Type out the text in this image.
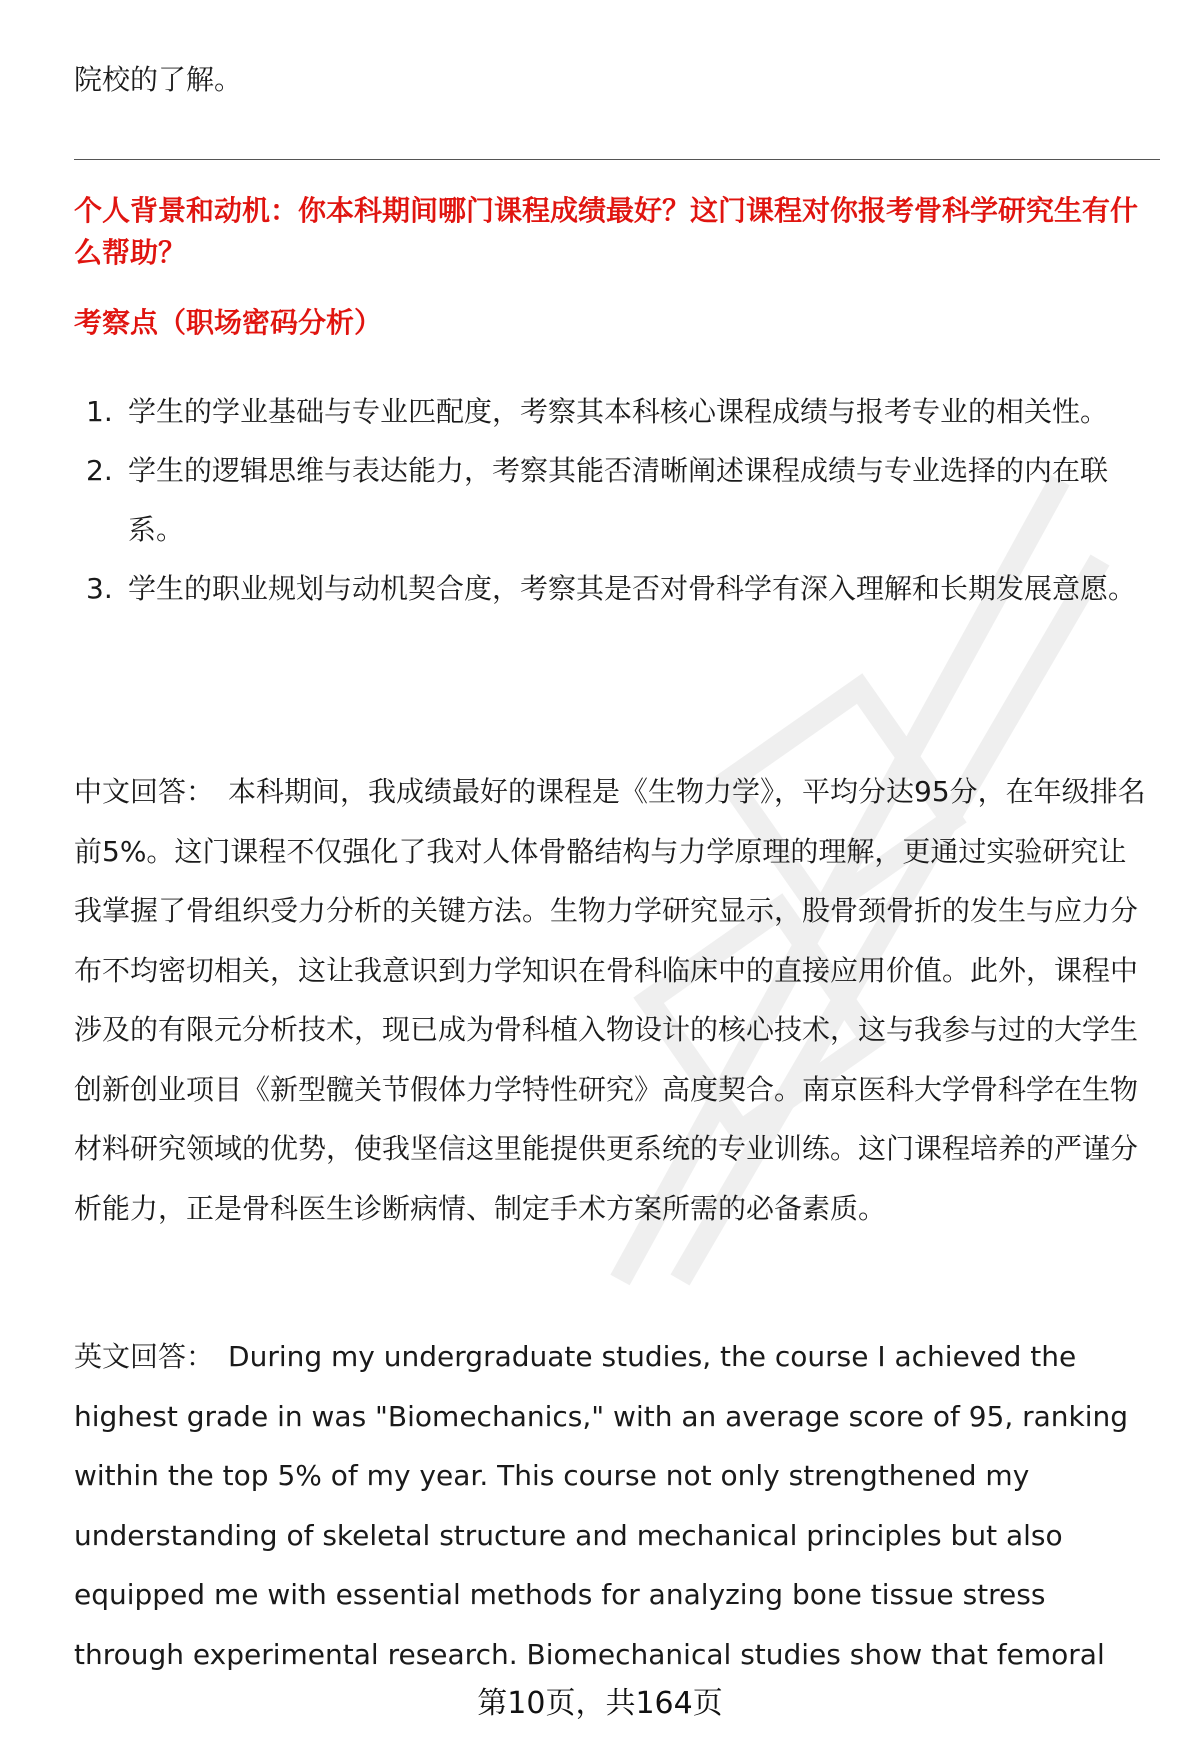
院校的了解。
个人背景和动机：你本科期间哪门课程成绩最好？这门课程对你报考骨科学研究生有什么帮助？
考察点（职场密码分析）
1. 学生的学业基础与专业匹配度，考察其本科核心课程成绩与报考专业的相关性。
2. 学生的逻辑思维与表达能力，考察其能否清晰阐述课程成绩与专业选择的内在联系。
3. 学生的职业规划与动机契合度，考察其是否对骨科学有深入理解和长期发展意愿。

中文回答： 本科期间，我成绩最好的课程是《生物力学》，平均分达95分，在年级排名前5%。这门课程不仅强化了我对人体骨骼结构与力学原理的理解，更通过实验研究让我掌握了骨组织受力分析的关键方法。生物力学研究显示，股骨颈骨折的发生与应力分布不均密切相关，这让我意识到力学知识在骨科临床中的直接应用价值。此外，课程中涉及的有限元分析技术，现已成为骨科植入物设计的核心技术，这与我参与过的大学生创新创业项目《新型髋关节假体力学特性研究》高度契合。南京医科大学骨科学在生物材料研究领域的优势，使我坚信这里能提供更系统的专业训练。这门课程培养的严谨分析能力，正是骨科医生诊断病情、制定手术方案所需的必备素质。

英文回答： During my undergraduate studies, the course I achieved the highest grade in was "Biomechanics," with an average score of 95, ranking within the top 5% of my year. This course not only strengthened my understanding of skeletal structure and mechanical principles but also equipped me with essential methods for analyzing bone tissue stress through experimental research. Biomechanical studies show that femoral

第10页，共164页
